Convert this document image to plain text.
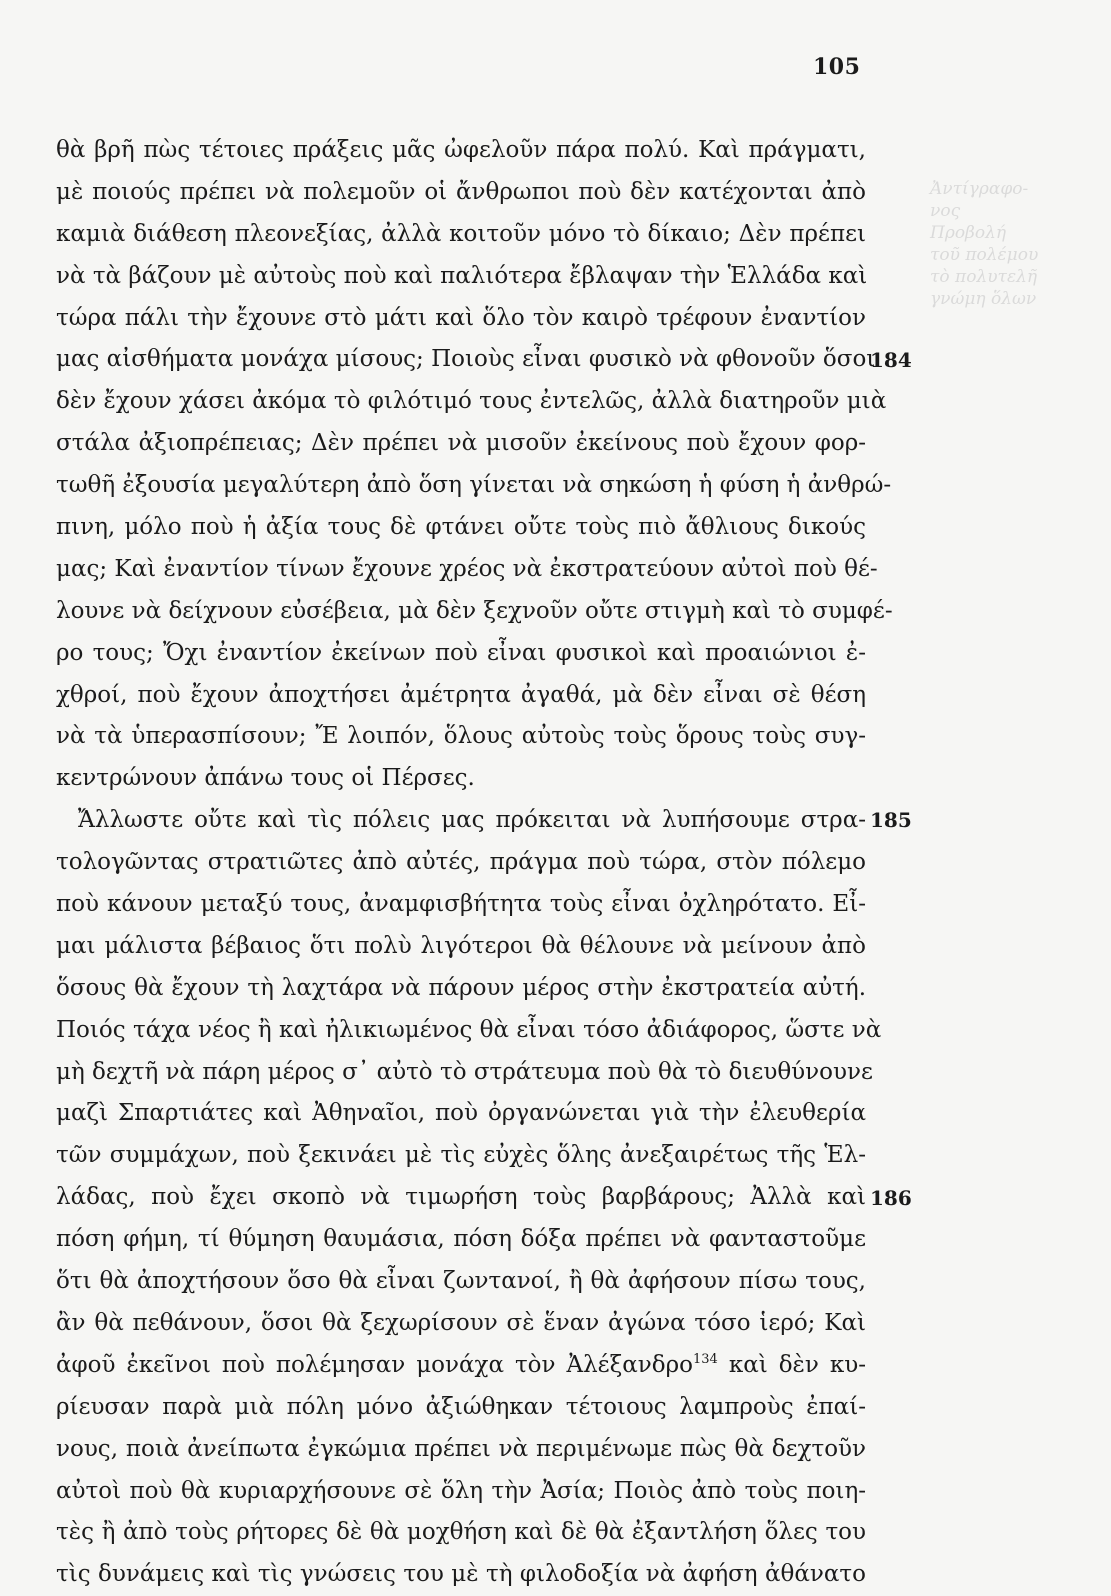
Ἀντίγραφο-
νος
Προβολή
τοῦ πολέμου
τὸ πολυτελῆ
γνώμη ὅλων
105
θὰ βρῆ πὼς τέτοιες πράξεις μᾶς ὠφελοῦν πάρα πολύ. Καὶ πράγματι,
μὲ ποιούς πρέπει νὰ πολεμοῦν οἱ ἄνθρωποι ποὺ δὲν κατέχονται ἀπὸ
καμιὰ διάθεση πλεονεξίας, ἀλλὰ κοιτοῦν μόνο τὸ δίκαιο; Δὲν πρέπει
νὰ τὰ βάζουν μὲ αὐτοὺς ποὺ καὶ παλιότερα ἔβλαψαν τὴν Ἑλλάδα καὶ
τώρα πάλι τὴν ἔχουνε στὸ μάτι καὶ ὅλο τὸν καιρὸ τρέφουν ἐναντίον
μας αἰσθήματα μονάχα μίσους; Ποιοὺς εἶναι φυσικὸ νὰ φθονοῦν ὅσοι
δὲν ἔχουν χάσει ἀκόμα τὸ φιλότιμό τους ἐντελῶς, ἀλλὰ διατηροῦν μιὰ
στάλα ἀξιοπρέπειας; Δὲν πρέπει νὰ μισοῦν ἐκείνους ποὺ ἔχουν φορ-
τωθῆ ἐξουσία μεγαλύτερη ἀπὸ ὅση γίνεται νὰ σηκώση ἡ φύση ἡ ἀνθρώ-
πινη, μόλο ποὺ ἡ ἀξία τους δὲ φτάνει οὔτε τοὺς πιὸ ἄθλιους δικούς
μας; Καὶ ἐναντίον τίνων ἔχουνε χρέος νὰ ἐκστρατεύουν αὐτοὶ ποὺ θέ-
λουνε νὰ δείχνουν εὐσέβεια, μὰ δὲν ξεχνοῦν οὔτε στιγμὴ καὶ τὸ συμφέ-
ρο τους; Ὄχι ἐναντίον ἐκείνων ποὺ εἶναι φυσικοὶ καὶ προαιώνιοι ἐ-
χθροί, ποὺ ἔχουν ἀποχτήσει ἀμέτρητα ἀγαθά, μὰ δὲν εἶναι σὲ θέση
νὰ τὰ ὑπερασπίσουν; Ἔ λοιπόν, ὅλους αὐτοὺς τοὺς ὅρους τοὺς συγ-
κεντρώνουν ἀπάνω τους οἱ Πέρσες.
Ἄλλωστε οὔτε καὶ τὶς πόλεις μας πρόκειται νὰ λυπήσουμε στρα-
τολογῶντας στρατιῶτες ἀπὸ αὐτές, πράγμα ποὺ τώρα, στὸν πόλεμο
ποὺ κάνουν μεταξύ τους, ἀναμφισβήτητα τοὺς εἶναι ὀχληρότατο. Εἶ-
μαι μάλιστα βέβαιος ὅτι πολὺ λιγότεροι θὰ θέλουνε νὰ μείνουν ἀπὸ
ὅσους θὰ ἔχουν τὴ λαχτάρα νὰ πάρουν μέρος στὴν ἐκστρατεία αὐτή.
Ποιός τάχα νέος ἢ καὶ ἠλικιωμένος θὰ εἶναι τόσο ἀδιάφορος, ὥστε νὰ
μὴ δεχτῆ νὰ πάρη μέρος σ᾽ αὐτὸ τὸ στράτευμα ποὺ θὰ τὸ διευθύνουνε
μαζὶ Σπαρτιάτες καὶ Ἀθηναῖοι, ποὺ ὀργανώνεται γιὰ τὴν ἐλευθερία
τῶν συμμάχων, ποὺ ξεκινάει μὲ τὶς εὐχὲς ὅλης ἀνεξαιρέτως τῆς Ἑλ-
λάδας, ποὺ ἔχει σκοπὸ νὰ τιμωρήση τοὺς βαρβάρους; Ἀλλὰ καὶ
πόση φήμη, τί θύμηση θαυμάσια, πόση δόξα πρέπει νὰ φανταστοῦμε
ὅτι θὰ ἀποχτήσουν ὅσο θὰ εἶναι ζωντανοί, ἢ θὰ ἀφήσουν πίσω τους,
ἂν θὰ πεθάνουν, ὅσοι θὰ ξεχωρίσουν σὲ ἕναν ἀγώνα τόσο ἱερό; Καὶ
ἀφοῦ ἐκεῖνοι ποὺ πολέμησαν μονάχα τὸν Ἀλέξανδρο$^{134}$ καὶ δὲν κυ-
ρίευσαν παρὰ μιὰ πόλη μόνο ἀξιώθηκαν τέτοιους λαμπροὺς ἐπαί-
νους, ποιὰ ἀνείπωτα ἐγκώμια πρέπει νὰ περιμένωμε πὼς θὰ δεχτοῦν
αὐτοὶ ποὺ θὰ κυριαρχήσουνε σὲ ὅλη τὴν Ἀσία; Ποιὸς ἀπὸ τοὺς ποιη-
τὲς ἢ ἀπὸ τοὺς ρήτορες δὲ θὰ μοχθήση καὶ δὲ θὰ ἐξαντλήση ὅλες του
τὶς δυνάμεις καὶ τὶς γνώσεις του μὲ τὴ φιλοδοξία νὰ ἀφήση ἀθάνατο
184
185
186
